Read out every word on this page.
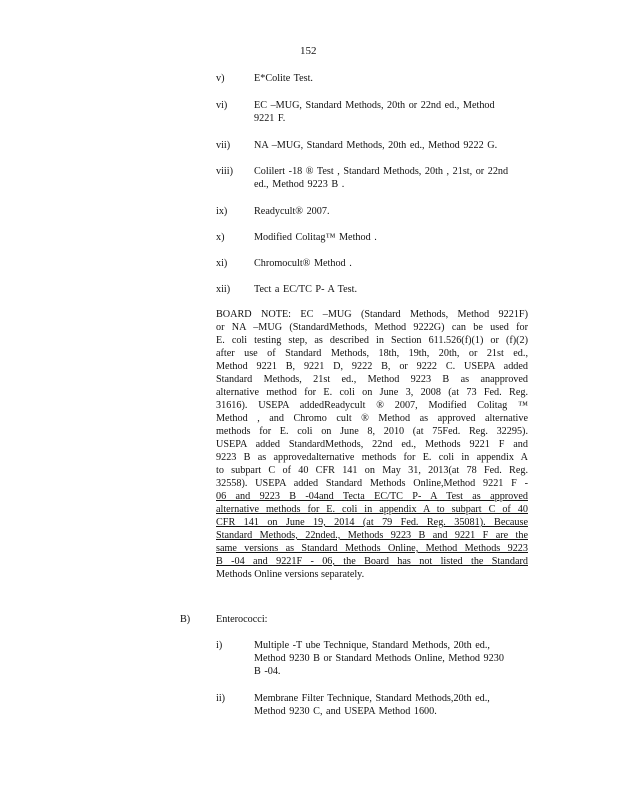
152
v)	E*Colite Test.

vi)	EC –MUG, Standard Methods, 20th or 22nd ed., Method

9221 F.

vii) NA –MUG, Standard Methods, 20th ed., Method 9222 G.

viii) Colilert -18 ® Test , Standard Methods, 20th , 21st, or 22nd

ed., Method 9223 B .

ix)	Readycult® 2007.

x)	Modified Colitag™ Method .

xi)	Chromocult® Method .

xii) Tect a EC/TC P- A Test.

BOARD NOTE: EC –MUG (Standard Methods, Method 9221F)
or NA –MUG (StandardMethods, Method 9222G) can be used for
E. coli testing step, as described in Section 611.526(f)(1) or (f)(2)
after use of Standard Methods, 18th, 19th, 20th, or 21st ed.,
Method 9221 B, 9221 D, 9222 B, or 9222 C. USEPA added
Standard Methods, 21st ed., Method 9223 B as anapproved
alternative method for E. coli on June 3, 2008 (at 73 Fed. Reg.
31616). USEPA addedReadycult ® 2007, Modified Colitag ™
Method , and Chromo cult ® Method as approved alternative
methods for E. coli on June 8, 2010 (at 75Fed. Reg. 32295).
USEPA added StandardMethods, 22nd ed., Methods 9221 F and
9223 B as approvedalternative methods for E. coli in appendix A
to subpart C of 40 CFR 141 on May 31, 2013(at 78 Fed. Reg.
32558). USEPA added Standard Methods Online,Method 9221 F -
06 and 9223 B -04and Tecta EC/TC P- A Test as approved
alternative methods for E. coli in appendix A to subpart C of 40
CFR 141 on June 19, 2014 (at 79 Fed. Reg. 35081). Because
Standard Methods, 22nded., Methods 9223 B and 9221 F are the
same versions as Standard Methods Online, Method Methods 9223
B -04 and 9221F - 06, the Board has not listed the Standard
Methods Online versions separately.
B)	Enterococci:
i)	Multiple -T ube Technique, Standard Methods, 20th ed.,

Method 9230 B or Standard Methods Online, Method 9230

B -04.

ii)	Membrane Filter Technique, Standard Methods,20th ed.,

Method 9230 C, and USEPA Method 1600.
